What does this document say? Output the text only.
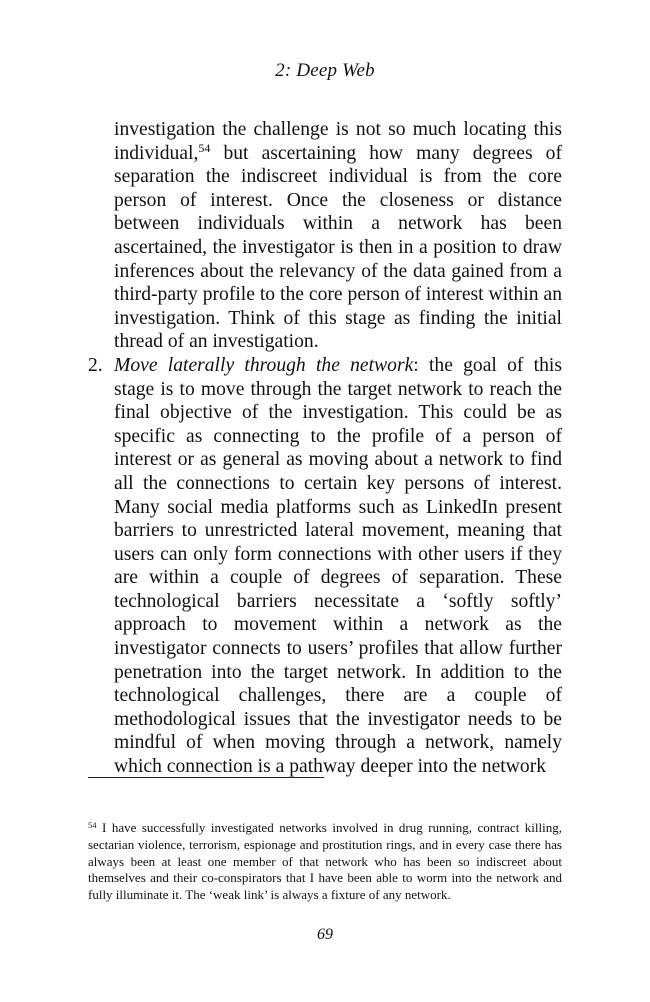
2: Deep Web

investigation the challenge is not so much locating this individual,$^{54}$ but ascertaining how many degrees of separation the indiscreet individual is from the core person of interest. Once the closeness or distance between individuals within a network has been ascertained, the investigator is then in a position to draw inferences about the relevancy of the data gained from a third-party profile to the core person of interest within an investigation. Think of this stage as finding the initial thread of an investigation.

2. Move laterally through the network: the goal of this stage is to move through the target network to reach the final objective of the investigation. This could be as specific as connecting to the profile of a person of interest or as general as moving about a network to find all the connections to certain key persons of interest. Many social media platforms such as LinkedIn present barriers to unrestricted lateral movement, meaning that users can only form connections with other users if they are within a couple of degrees of separation. These technological barriers necessitate a ‘softly softly’ approach to movement within a network as the investigator connects to users’ profiles that allow further penetration into the target network. In addition to the technological challenges, there are a couple of methodological issues that the investigator needs to be mindful of when moving through a network, namely which connection is a pathway deeper into the network

$^{54}$ I have successfully investigated networks involved in drug running, contract killing, sectarian violence, terrorism, espionage and prostitution rings, and in every case there has always been at least one member of that network who has been so indiscreet about themselves and their co-conspirators that I have been able to worm into the network and fully illuminate it. The ‘weak link’ is always a fixture of any network.

69
